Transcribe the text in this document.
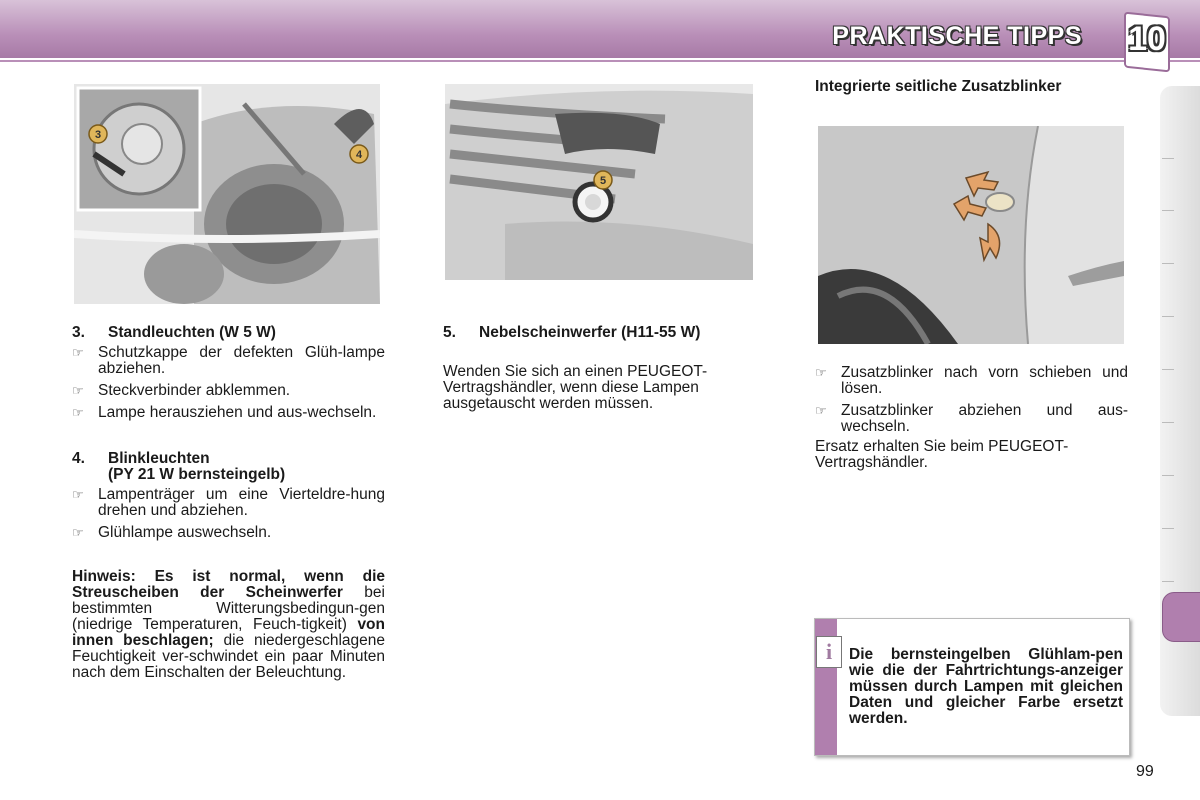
PRAKTISCHE TIPPS 10
3
4
5
3.	Standleuchten (W 5 W)
☞ Schutzkappe der defekten Glüh-lampe abziehen.
☞ Steckverbinder abklemmen.
☞ Lampe herausziehen und aus-wechseln.
4.	Blinkleuchten
(PY 21 W bernsteingelb)
☞ Lampenträger um eine Vierteldre-hung drehen und abziehen.
☞ Glühlampe auswechseln.

Hinweis: Es ist normal, wenn die Streuscheiben der Scheinwerfer bei bestimmten Witterungsbedingun-gen (niedrige Temperaturen, Feuch-tigkeit) von innen beschlagen; die niedergeschlagene Feuchtigkeit ver-schwindet ein paar Minuten nach dem Einschalten der Beleuchtung.

5.	Nebelscheinwerfer (H11-55 W)

Wenden Sie sich an einen PEUGEOT-Vertragshändler, wenn diese Lampen ausgetauscht werden müssen.

Integrierte seitliche Zusatzblinker
☞ Zusatzblinker nach vorn schieben und lösen.
☞ Zusatzblinker abziehen und aus-wechseln.

Ersatz erhalten Sie beim PEUGEOT-Vertragshändler.

i	Die bernsteingelben Glühlam-pen wie die der Fahrtrichtungs-anzeiger müssen durch Lampen mit gleichen Daten und gleicher Farbe ersetzt werden.
99
